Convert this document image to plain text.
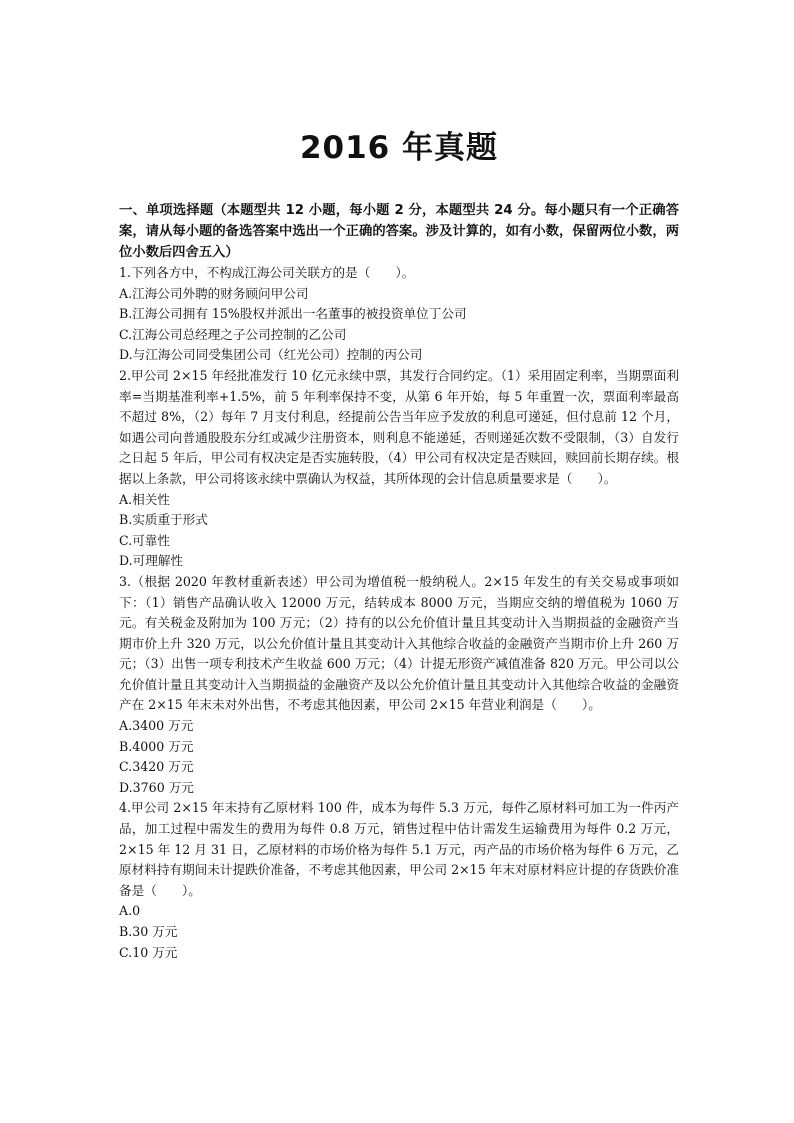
2016 年真题

一、单项选择题（本题型共 12 小题，每小题 2 分，本题型共 24 分。每小题只有一个正确答案，请从每小题的备选答案中选出一个正确的答案。涉及计算的，如有小数，保留两位小数，两位小数后四舍五入）

1.下列各方中，不构成江海公司关联方的是（　　）。

A.江海公司外聘的财务顾问甲公司

B.江海公司拥有 15%股权并派出一名董事的被投资单位丁公司

C.江海公司总经理之子公司控制的乙公司

D.与江海公司同受集团公司（红光公司）控制的丙公司

2.甲公司 2×15 年经批准发行 10 亿元永续中票，其发行合同约定。（1）采用固定利率，当期票面利率=当期基准利率+1.5%，前 5 年利率保持不变，从第 6 年开始，每 5 年重置一次，票面利率最高不超过 8%，（2）每年 7 月支付利息，经提前公告当年应予发放的利息可递延，但付息前 12 个月，如遇公司向普通股股东分红或减少注册资本，则利息不能递延，否则递延次数不受限制，（3）自发行之日起 5 年后，甲公司有权决定是否实施转股，（4）甲公司有权决定是否赎回，赎回前长期存续。根据以上条款，甲公司将该永续中票确认为权益，其所体现的会计信息质量要求是（　　）。

A.相关性

B.实质重于形式

C.可靠性

D.可理解性

3.（根据 2020 年教材重新表述）甲公司为增值税一般纳税人。2×15 年发生的有关交易或事项如下：（1）销售产品确认收入 12000 万元，结转成本 8000 万元，当期应交纳的增值税为 1060 万元。有关税金及附加为 100 万元；（2）持有的以公允价值计量且其变动计入当期损益的金融资产当期市价上升 320 万元，以公允价值计量且其变动计入其他综合收益的金融资产当期市价上升 260 万元；（3）出售一项专利技术产生收益 600 万元；（4）计提无形资产减值准备 820 万元。甲公司以公允价值计量且其变动计入当期损益的金融资产及以公允价值计量且其变动计入其他综合收益的金融资产在 2×15 年末未对外出售，不考虑其他因素，甲公司 2×15 年营业利润是（　　）。

A.3400 万元

B.4000 万元

C.3420 万元

D.3760 万元

4.甲公司 2×15 年末持有乙原材料 100 件，成本为每件 5.3 万元，每件乙原材料可加工为一件丙产品，加工过程中需发生的费用为每件 0.8 万元，销售过程中估计需发生运输费用为每件 0.2 万元，2×15 年 12 月 31 日，乙原材料的市场价格为每件 5.1 万元，丙产品的市场价格为每件 6 万元，乙原材料持有期间未计提跌价准备，不考虑其他因素，甲公司 2×15 年末对原材料应计提的存货跌价准备是（　　）。

A.0

B.30 万元

C.10 万元
